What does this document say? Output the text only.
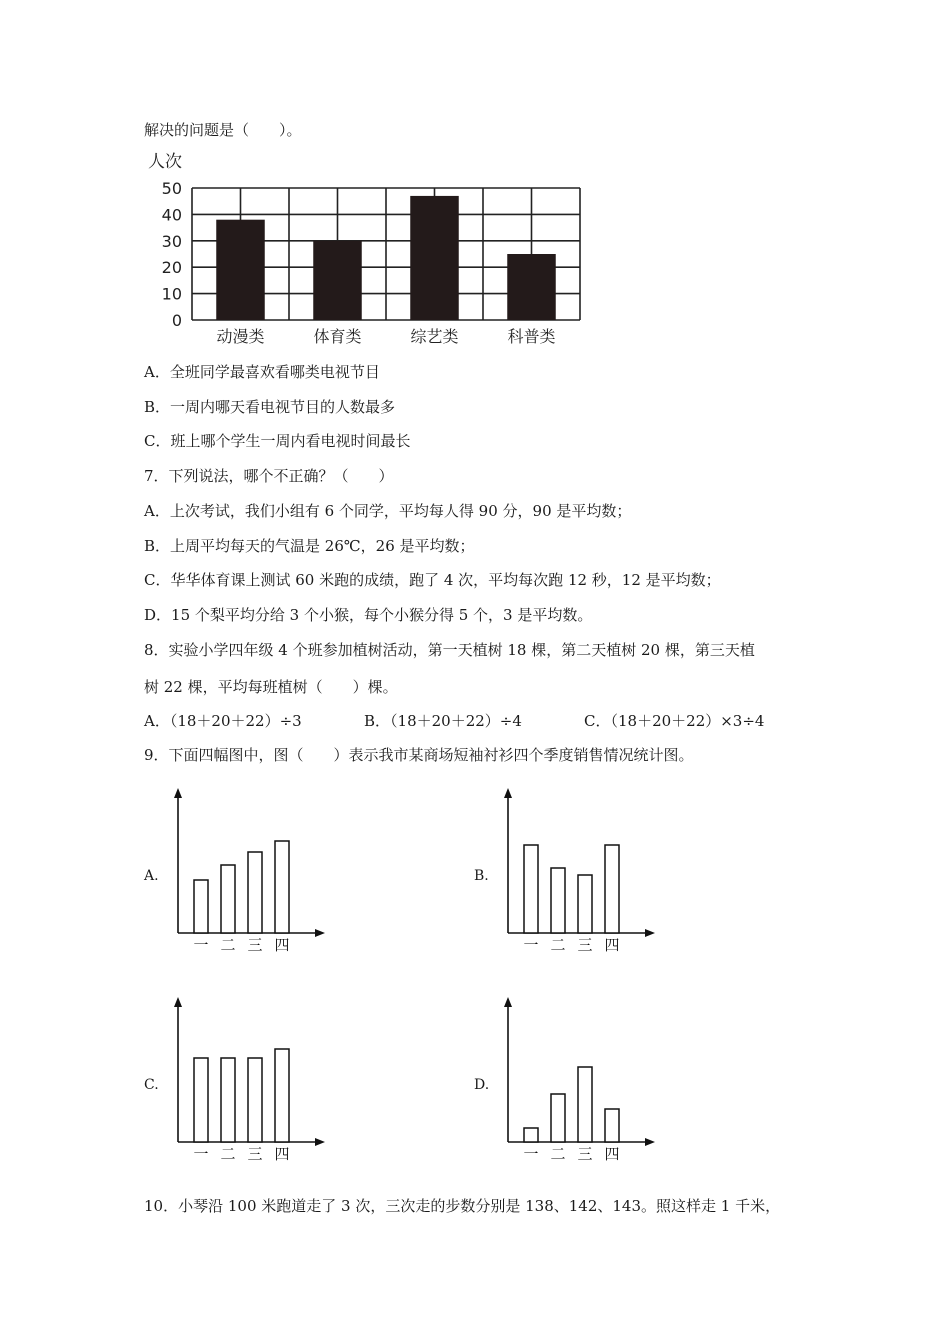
解决的问题是（　　）。
人次
0
10
20
30
40
50
动漫类	体育类	综艺类	科普类
A．全班同学最喜欢看哪类电视节目
B．一周内哪天看电视节目的人数最多
C．班上哪个学生一周内看电视时间最长
7．下列说法，哪个不正确？（　　）
A．上次考试，我们小组有 6 个同学，平均每人得 90 分，90 是平均数；
B．上周平均每天的气温是 26℃，26 是平均数；
C．华华体育课上测试 60 米跑的成绩，跑了 4 次，平均每次跑 12 秒，12 是平均数；
D．15 个梨平均分给 3 个小猴，每个小猴分得 5 个，3 是平均数。
8．实验小学四年级 4 个班参加植树活动，第一天植树 18 棵，第二天植树 20 棵，第三天植
树 22 棵，平均每班植树（　　）棵。
A．（18＋20＋22）÷3	B．（18＋20＋22）÷4	C．（18＋20＋22）×3÷4
9．下面四幅图中，图（　　）表示我市某商场短袖衬衫四个季度销售情况统计图。
A.
一 二 三 四
B.
一 二 三 四
C.
一 二 三 四
D.
一 二 三 四
10．小琴沿 100 米跑道走了 3 次，三次走的步数分别是 138、142、143。照这样走 1 千米，
